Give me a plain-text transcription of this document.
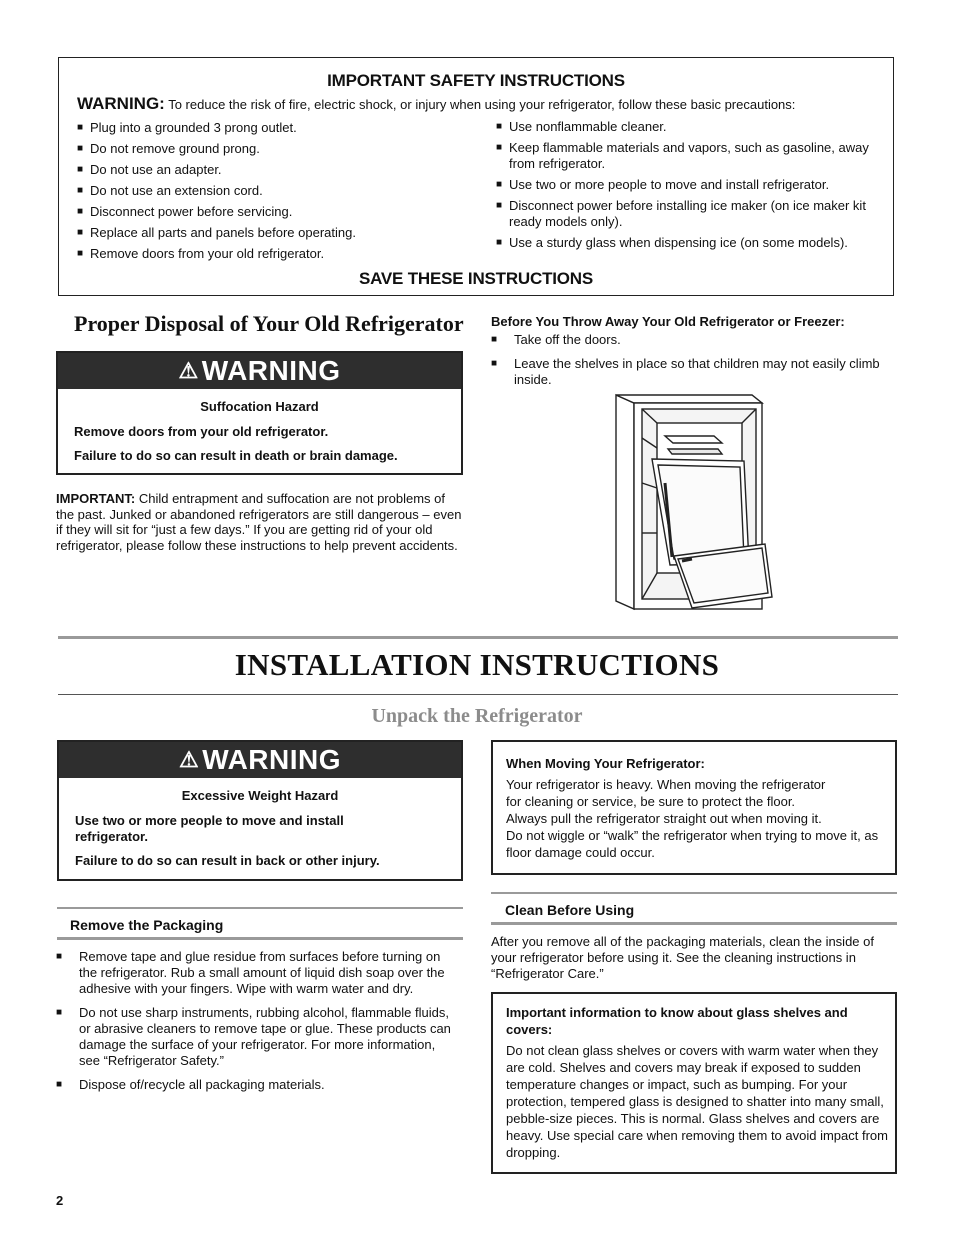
IMPORTANT SAFETY INSTRUCTIONS
WARNING: To reduce the risk of fire, electric shock, or injury when using your refrigerator, follow these basic precautions:
■ Plug into a grounded 3 prong outlet.
■ Do not remove ground prong.
■ Do not use an adapter.
■ Do not use an extension cord.
■ Disconnect power before servicing.
■ Replace all parts and panels before operating.
■ Remove doors from your old refrigerator.
■ Use nonflammable cleaner.
■ Keep flammable materials and vapors, such as gasoline, away from refrigerator.
■ Use two or more people to move and install refrigerator.
■ Disconnect power before installing ice maker (on ice maker kit ready models only).
■ Use a sturdy glass when dispensing ice (on some models).
SAVE THESE INSTRUCTIONS
Proper Disposal of Your Old Refrigerator
⚠ WARNING
Suffocation Hazard
Remove doors from your old refrigerator.
Failure to do so can result in death or brain damage.
IMPORTANT: Child entrapment and suffocation are not problems of the past. Junked or abandoned refrigerators are still dangerous – even if they will sit for “just a few days.” If you are getting rid of your old refrigerator, please follow these instructions to help prevent accidents.
Before You Throw Away Your Old Refrigerator or Freezer:
■ Take off the doors.
■ Leave the shelves in place so that children may not easily climb inside.
INSTALLATION INSTRUCTIONS
Unpack the Refrigerator
⚠ WARNING
Excessive Weight Hazard
Use two or more people to move and install refrigerator.
Failure to do so can result in back or other injury.
When Moving Your Refrigerator:
Your refrigerator is heavy. When moving the refrigerator
for cleaning or service, be sure to protect the floor.
Always pull the refrigerator straight out when moving it.
Do not wiggle or “walk” the refrigerator when trying to move it, as floor damage could occur.
Remove the Packaging
■ Remove tape and glue residue from surfaces before turning on the refrigerator. Rub a small amount of liquid dish soap over the adhesive with your fingers. Wipe with warm water and dry.
■ Do not use sharp instruments, rubbing alcohol, flammable fluids, or abrasive cleaners to remove tape or glue. These products can damage the surface of your refrigerator. For more information, see “Refrigerator Safety.”
■ Dispose of/recycle all packaging materials.
Clean Before Using
After you remove all of the packaging materials, clean the inside of your refrigerator before using it. See the cleaning instructions in “Refrigerator Care.”
Important information to know about glass shelves and covers:
Do not clean glass shelves or covers with warm water when they are cold. Shelves and covers may break if exposed to sudden temperature changes or impact, such as bumping. For your protection, tempered glass is designed to shatter into many small, pebble-size pieces. This is normal. Glass shelves and covers are heavy. Use special care when removing them to avoid impact from dropping.
2
